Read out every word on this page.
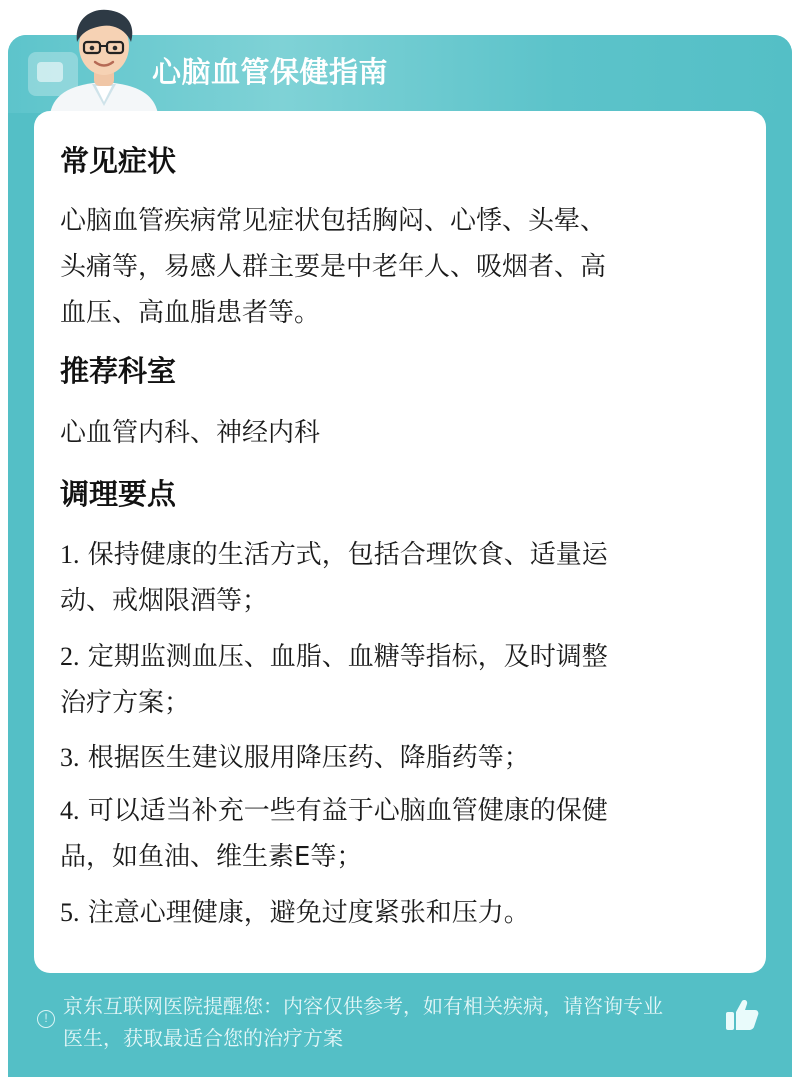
心脑血管保健指南
常见症状
心脑血管疾病常见症状包括胸闷、心悸、头晕、
头痛等，易感人群主要是中老年人、吸烟者、高
血压、高血脂患者等。
推荐科室
心血管内科、神经内科
调理要点
1. 保持健康的生活方式，包括合理饮食、适量运
动、戒烟限酒等；
2. 定期监测血压、血脂、血糖等指标，及时调整
治疗方案；
3. 根据医生建议服用降压药、降脂药等；
4. 可以适当补充一些有益于心脑血管健康的保健
品，如鱼油、维生素E等；
5. 注意心理健康，避免过度紧张和压力。
! 京东互联网医院提醒您：内容仅供参考，如有相关疾病，请咨询专业
医生，获取最适合您的治疗方案
